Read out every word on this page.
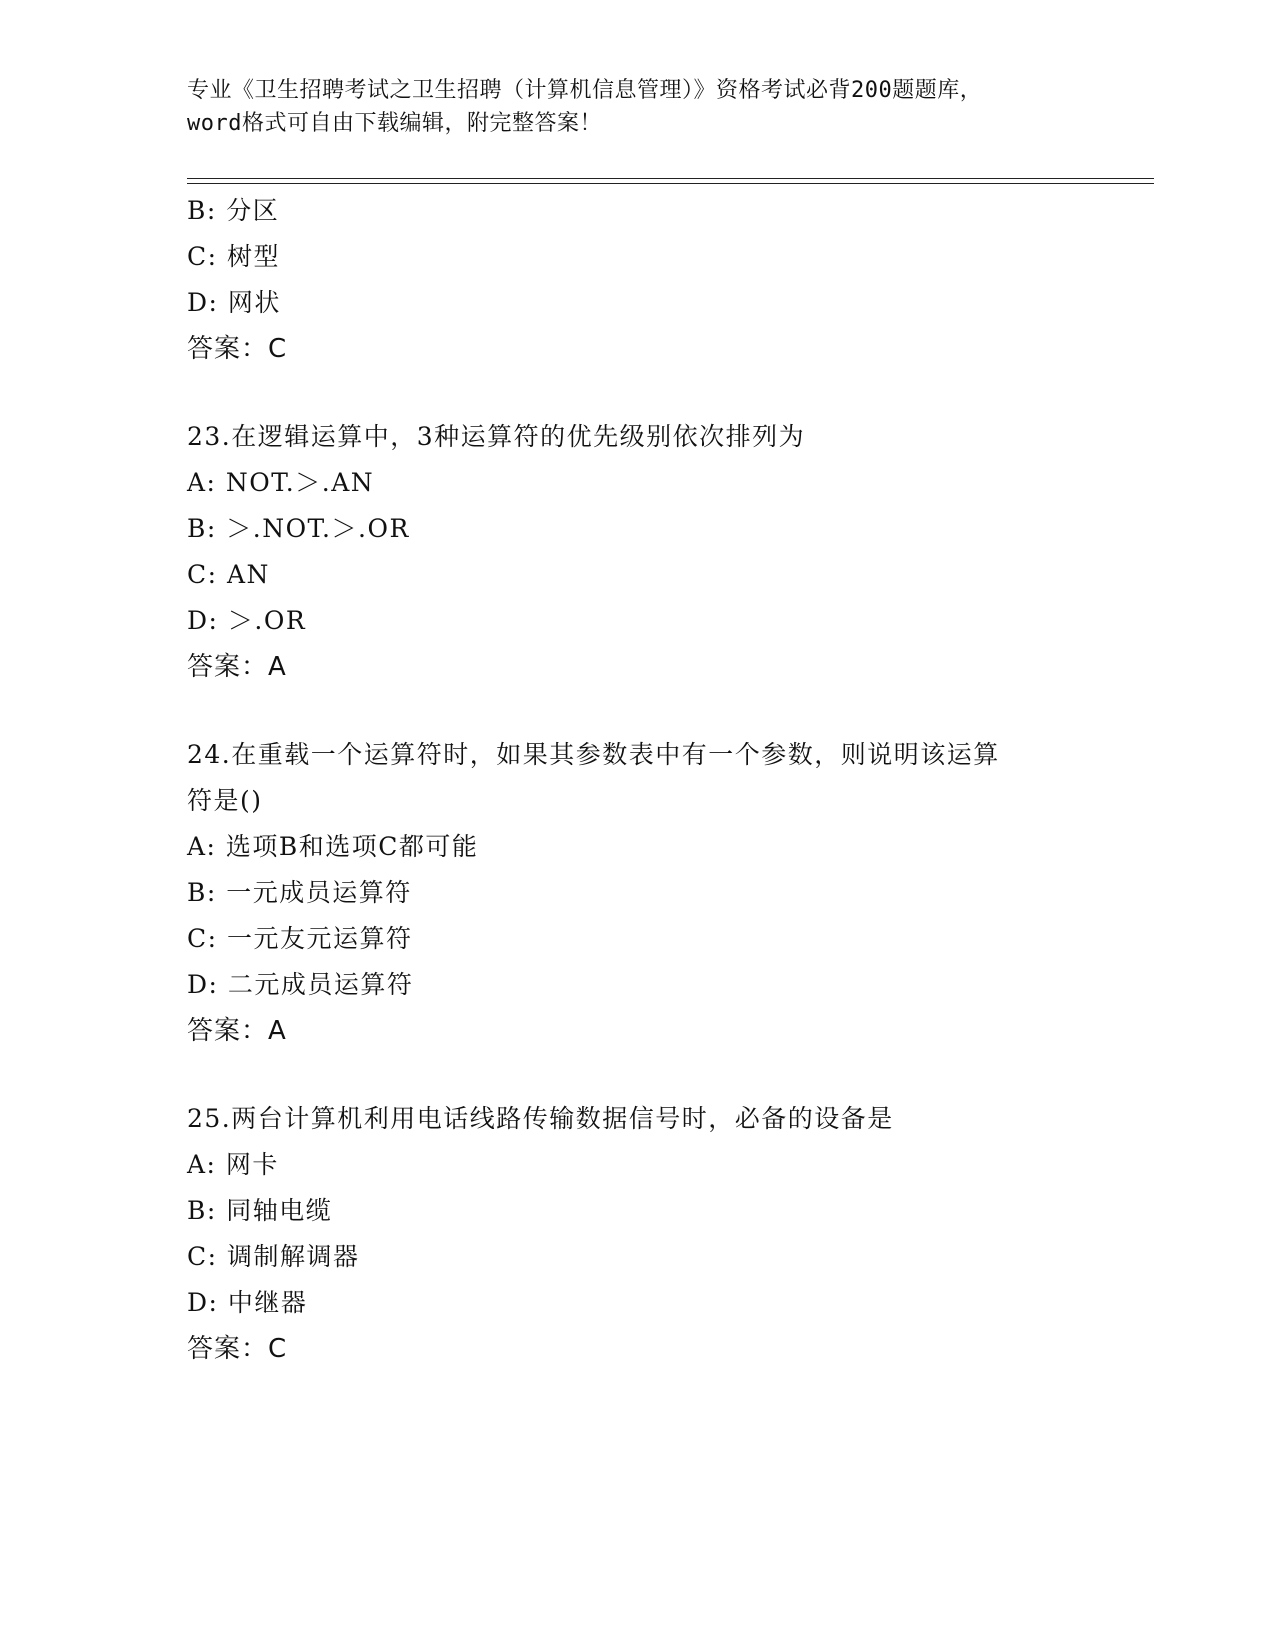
专业《卫生招聘考试之卫生招聘（计算机信息管理）》资格考试必背200题题库，
word格式可自由下载编辑，附完整答案！
B: 分区
C: 树型
D: 网状
答案：C
23.在逻辑运算中，3种运算符的优先级别依次排列为
A: NOT.＞.AN
B: ＞.NOT.＞.OR
C: AN
D: ＞.OR
答案：A
24.在重载一个运算符时，如果其参数表中有一个参数，则说明该运算
符是()
A: 选项B和选项C都可能
B: 一元成员运算符
C: 一元友元运算符
D: 二元成员运算符
答案：A
25.两台计算机利用电话线路传输数据信号时，必备的设备是
A: 网卡
B: 同轴电缆
C: 调制解调器
D: 中继器
答案：C
